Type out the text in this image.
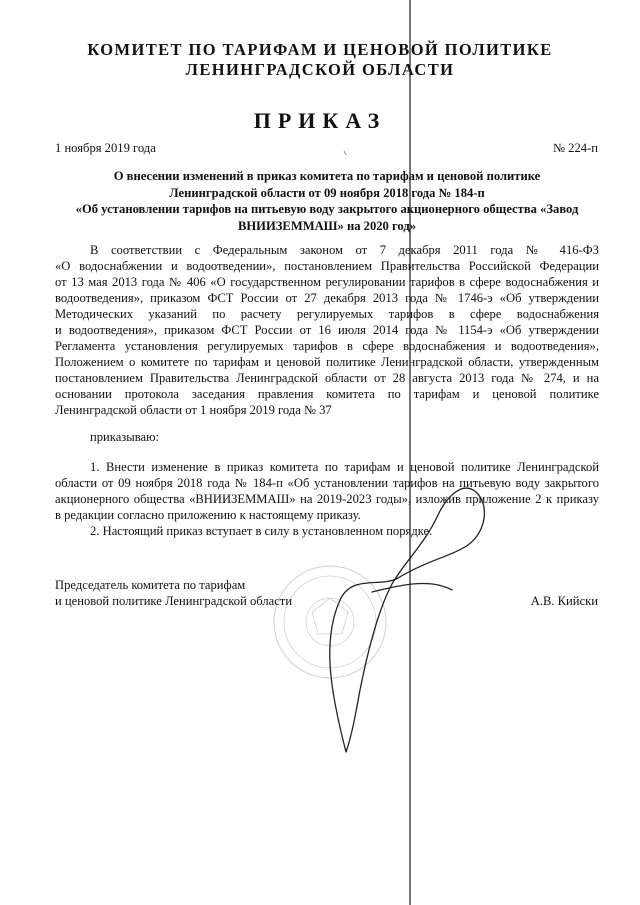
КОМИТЕТ ПО ТАРИФАМ И ЦЕНОВОЙ ПОЛИТИКЕ
ЛЕНИНГРАДСКОЙ ОБЛАСТИ
ПРИКАЗ
1 ноября 2019 года	№ 224-п
О внесении изменений в приказ комитета по тарифам и ценовой политике
Ленинградской области от 09 ноября 2018 года № 184-п
«Об установлении тарифов на питьевую воду закрытого акционерного общества «Завод
ВНИИЗЕММАШ» на 2020 год»
В соответствии с Федеральным законом от 7 декабря 2011 года № 416-ФЗ
«О водоснабжении и водоотведении», постановлением Правительства Российской Федерации
от 13 мая 2013 года № 406 «О государственном регулировании тарифов в сфере водоснабжения и
водоотведения», приказом ФСТ России от 27 декабря 2013 года № 1746-э «Об утверждении
Методических указаний по расчету регулируемых тарифов в сфере водоснабжения
и водоотведения», приказом ФСТ России от 16 июля 2014 года № 1154-э «Об утверждении
Регламента установления регулируемых тарифов в сфере водоснабжения и водоотведения»,
Положением о комитете по тарифам и ценовой политике Ленинградской области, утвержденным
постановлением Правительства Ленинградской области от 28 августа 2013 года № 274, и на
основании протокола заседания правления комитета по тарифам и ценовой политике
Ленинградской области от 1 ноября 2019 года № 37
приказываю:
1. Внести изменение в приказ комитета по тарифам и ценовой политике Ленинградской
области от 09 ноября 2018 года № 184-п «Об установлении тарифов на питьевую воду закрытого
акционерного общества «ВНИИЗЕММАШ» на 2019-2023 годы», изложив приложение 2 к приказу
в редакции согласно приложению к настоящему приказу.
2. Настоящий приказ вступает в силу в установленном порядке.
Председатель комитета по тарифам
и ценовой политике Ленинградской области	А.В. Кийски
